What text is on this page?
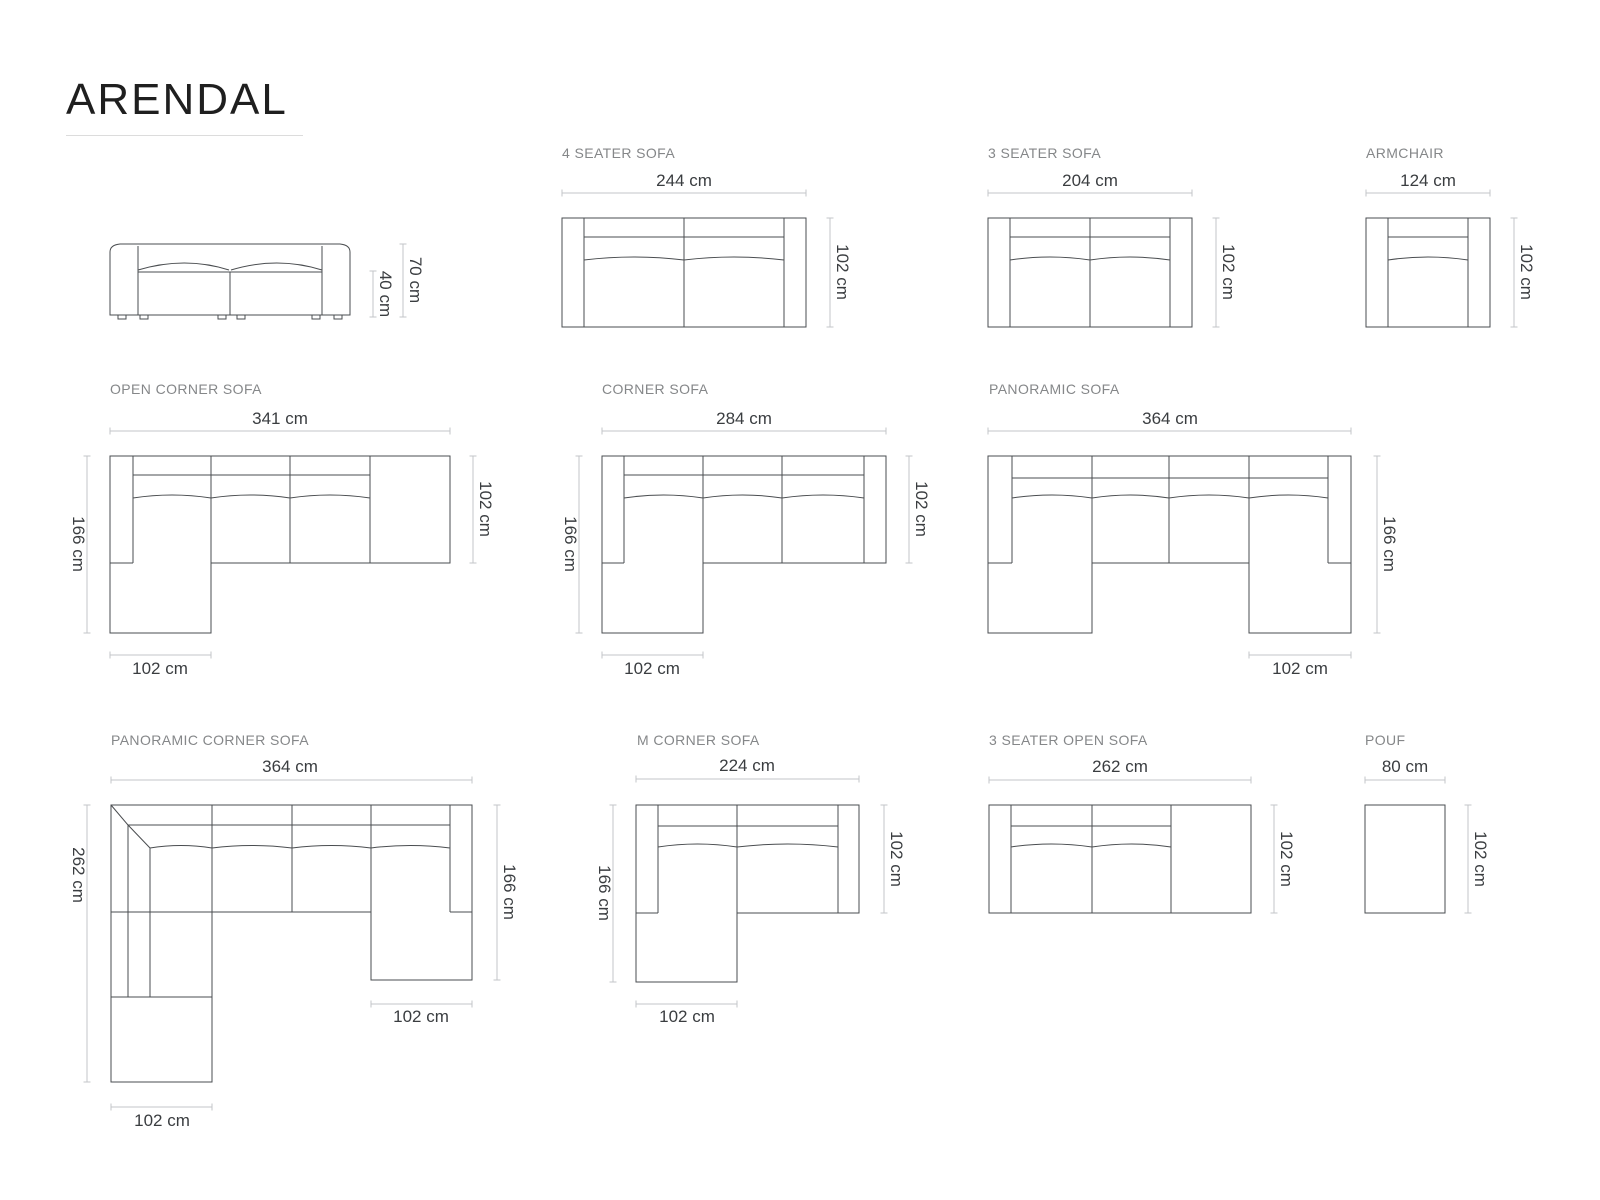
ARENDAL
4 SEATER SOFA	3 SEATER SOFA	ARMCHAIR
OPEN CORNER SOFA	CORNER SOFA	PANORAMIC SOFA
PANORAMIC CORNER SOFA	M CORNER SOFA	3 SEATER OPEN SOFA	POUF
40 cm 70 cm
244 cm
102 cm
204 cm
102 cm
124 cm
102 cm
341 cm
166 cm
102 cm
102 cm
284 cm
166 cm
102 cm
102 cm
364 cm
166 cm
102 cm
364 cm
262 cm	166 cm
102 cm
102 cm
224 cm
166 cm
102 cm
102 cm
262 cm
102 cm
80 cm
102 cm
